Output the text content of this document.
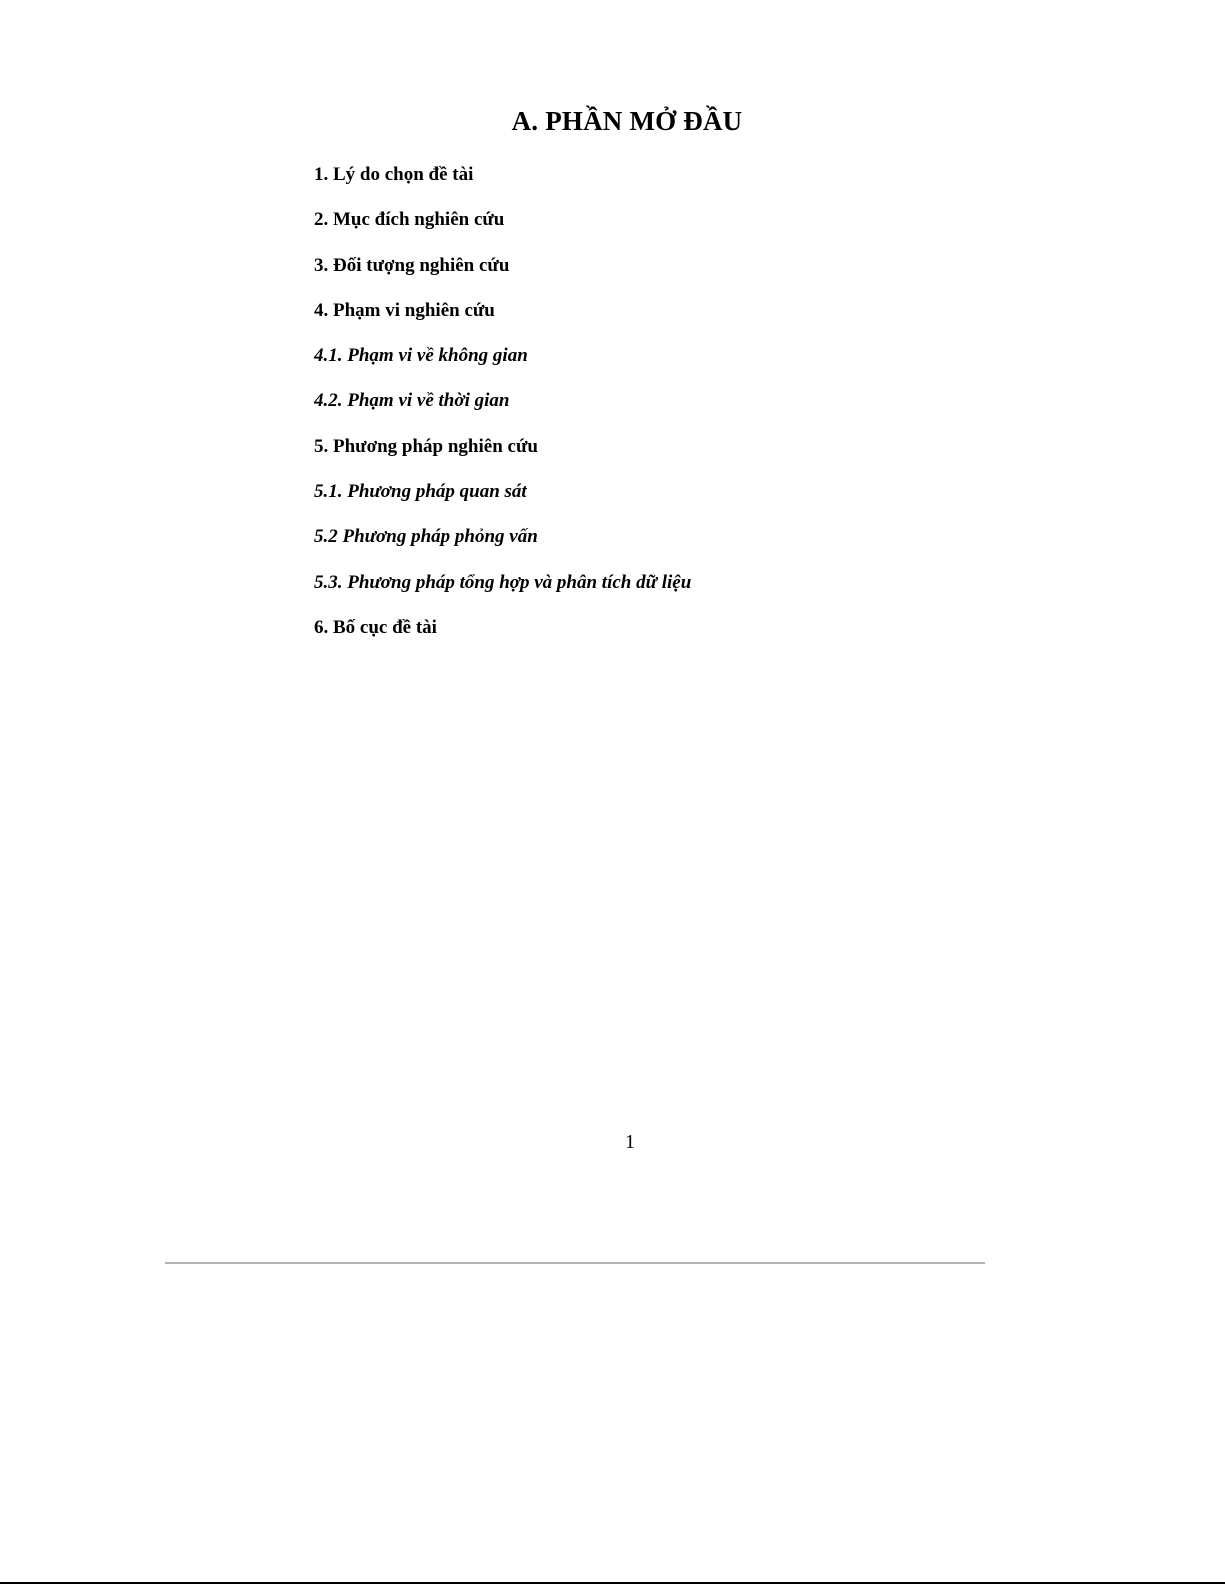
A. PHẦN MỞ ĐẦU
1. Lý do chọn đề tài
2. Mục đích nghiên cứu
3. Đối tượng nghiên cứu
4. Phạm vi nghiên cứu
4.1. Phạm vi về không gian
4.2. Phạm vi về thời gian
5. Phương pháp nghiên cứu
5.1. Phương pháp quan sát
5.2 Phương pháp phỏng vấn
5.3. Phương pháp tổng hợp và phân tích dữ liệu
6. Bố cục đề tài
1
